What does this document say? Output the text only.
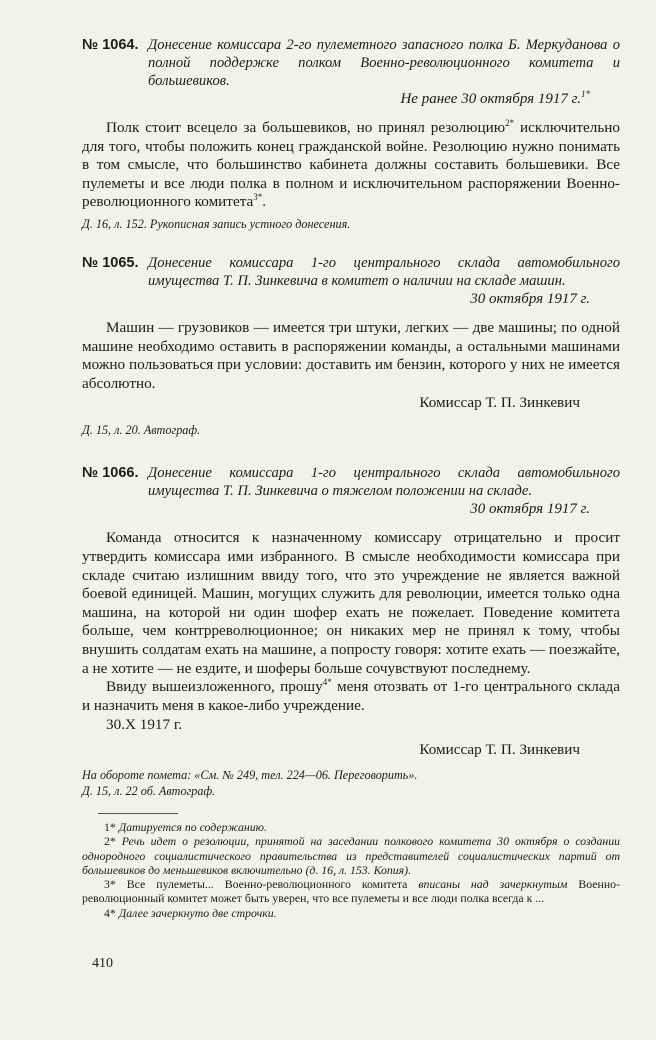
№ 1064. Донесение комиссара 2-го пулеметного запасного полка Б. Меркуданова о полной поддержке полком Военно-революционного комитета и большевиков.
Не ранее 30 октября 1917 г.$^{1*}$

Полк стоит всецело за большевиков, но принял резолюцию$^{2*}$ исключительно для того, чтобы положить конец гражданской войне. Резолюцию нужно понимать в том смысле, что большинство кабинета должны составить большевики. Все пулеметы и все люди полка в полном и исключительном распоряжении Военно-революционного комитета$^{3*}$.

Д. 16, л. 152. Рукописная запись устного донесения.
№ 1065. Донесение комиссара 1-го центрального склада автомобильного имущества Т. П. Зинкевича в комитет о наличии на складе машин.
30 октября 1917 г.

Машин — грузовиков — имеется три штуки, легких — две машины; по одной машине необходимо оставить в распоряжении команды, а остальными машинами можно пользоваться при условии: доставить им бензин, которого у них не имеется абсолютно.

Комиссар Т. П. Зинкевич
Д. 15, л. 20. Автограф.
№ 1066. Донесение комиссара 1-го центрального склада автомобильного имущества Т. П. Зинкевича о тяжелом положении на складе.
30 октября 1917 г.

Команда относится к назначенному комиссару отрицательно и просит утвердить комиссара ими избранного. В смысле необходимости комиссара при складе считаю излишним ввиду того, что это учреждение не является важной боевой единицей. Машин, могущих служить для революции, имеется только одна машина, на которой ни один шофер ехать не пожелает. Поведение комитета больше, чем контрреволюционное; он никаких мер не принял к тому, чтобы внушить солдатам ехать на машине, а попросту говоря: хотите ехать — поезжайте, а не хотите — не ездите, и шоферы больше сочувствуют последнему.

Ввиду вышеизложенного, прошу$^{4*}$ меня отозвать от 1-го центрального склада и назначить меня в какое-либо учреждение.

30.X 1917 г.
Комиссар Т. П. Зинкевич
На обороте помета: «См. № 249, тел. 224—06. Переговорить».
Д. 15, л. 22 об. Автограф.

1* Датируется по содержанию.

2* Речь идет о резолюции, принятой на заседании полкового комитета 30 октября о создании однородного социалистического правительства из представителей социалистических партий от большевиков до меньшевиков включительно (д. 16, л. 153. Копия).

3* Все пулеметы... Военно-революционного комитета вписаны над зачеркнутым Военно-революционный комитет может быть уверен, что все пулеметы и все люди полка всегда к ...

4* Далее зачеркнуто две строчки.

410
